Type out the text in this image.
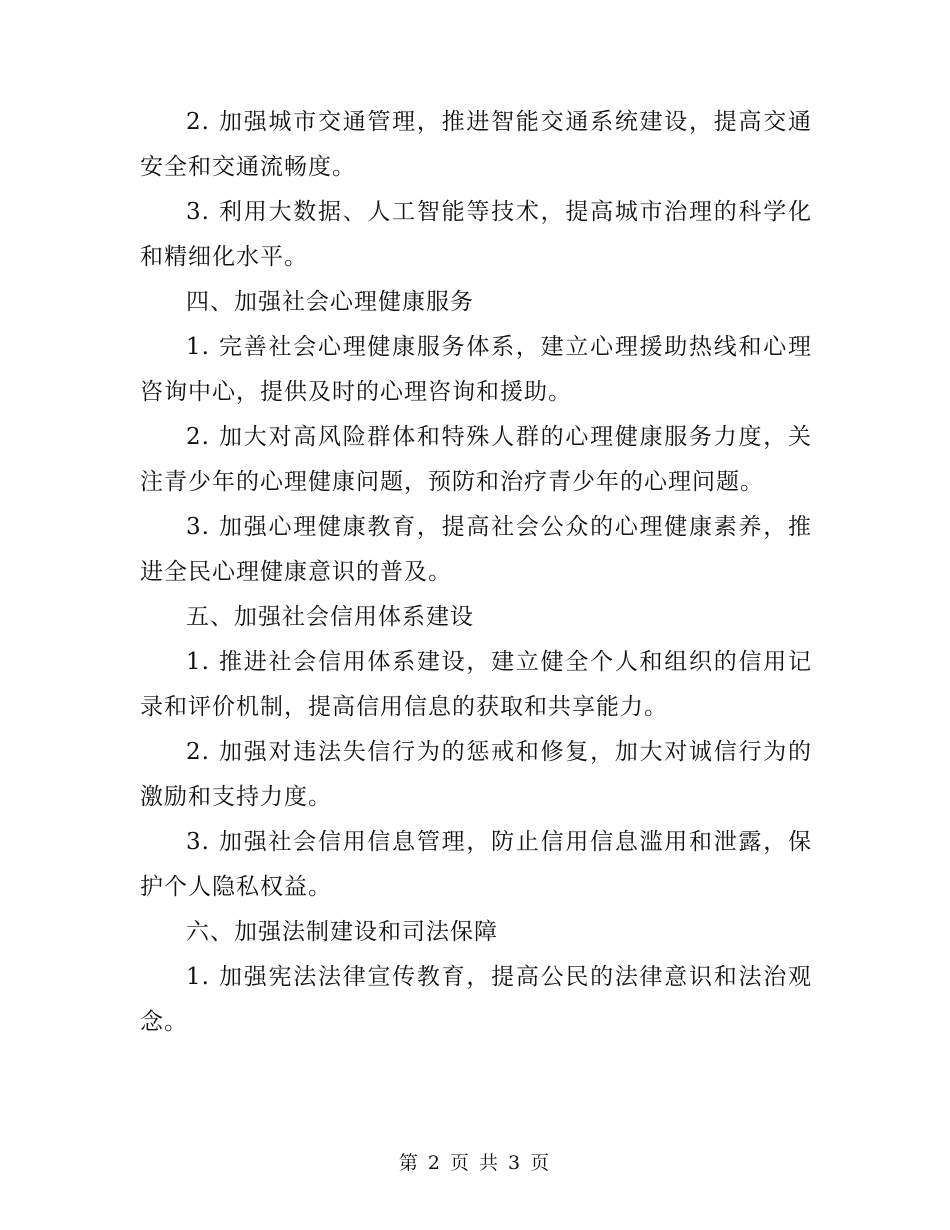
2. 加强城市交通管理，推进智能交通系统建设，提高交通安全和交通流畅度。

3. 利用大数据、人工智能等技术，提高城市治理的科学化和精细化水平。

四、加强社会心理健康服务

1. 完善社会心理健康服务体系，建立心理援助热线和心理咨询中心，提供及时的心理咨询和援助。

2. 加大对高风险群体和特殊人群的心理健康服务力度，关注青少年的心理健康问题，预防和治疗青少年的心理问题。

3. 加强心理健康教育，提高社会公众的心理健康素养，推进全民心理健康意识的普及。

五、加强社会信用体系建设

1. 推进社会信用体系建设，建立健全个人和组织的信用记录和评价机制，提高信用信息的获取和共享能力。

2. 加强对违法失信行为的惩戒和修复，加大对诚信行为的激励和支持力度。

3. 加强社会信用信息管理，防止信用信息滥用和泄露，保护个人隐私权益。

六、加强法制建设和司法保障

1. 加强宪法法律宣传教育，提高公民的法律意识和法治观念。

第 2 页 共 3 页
